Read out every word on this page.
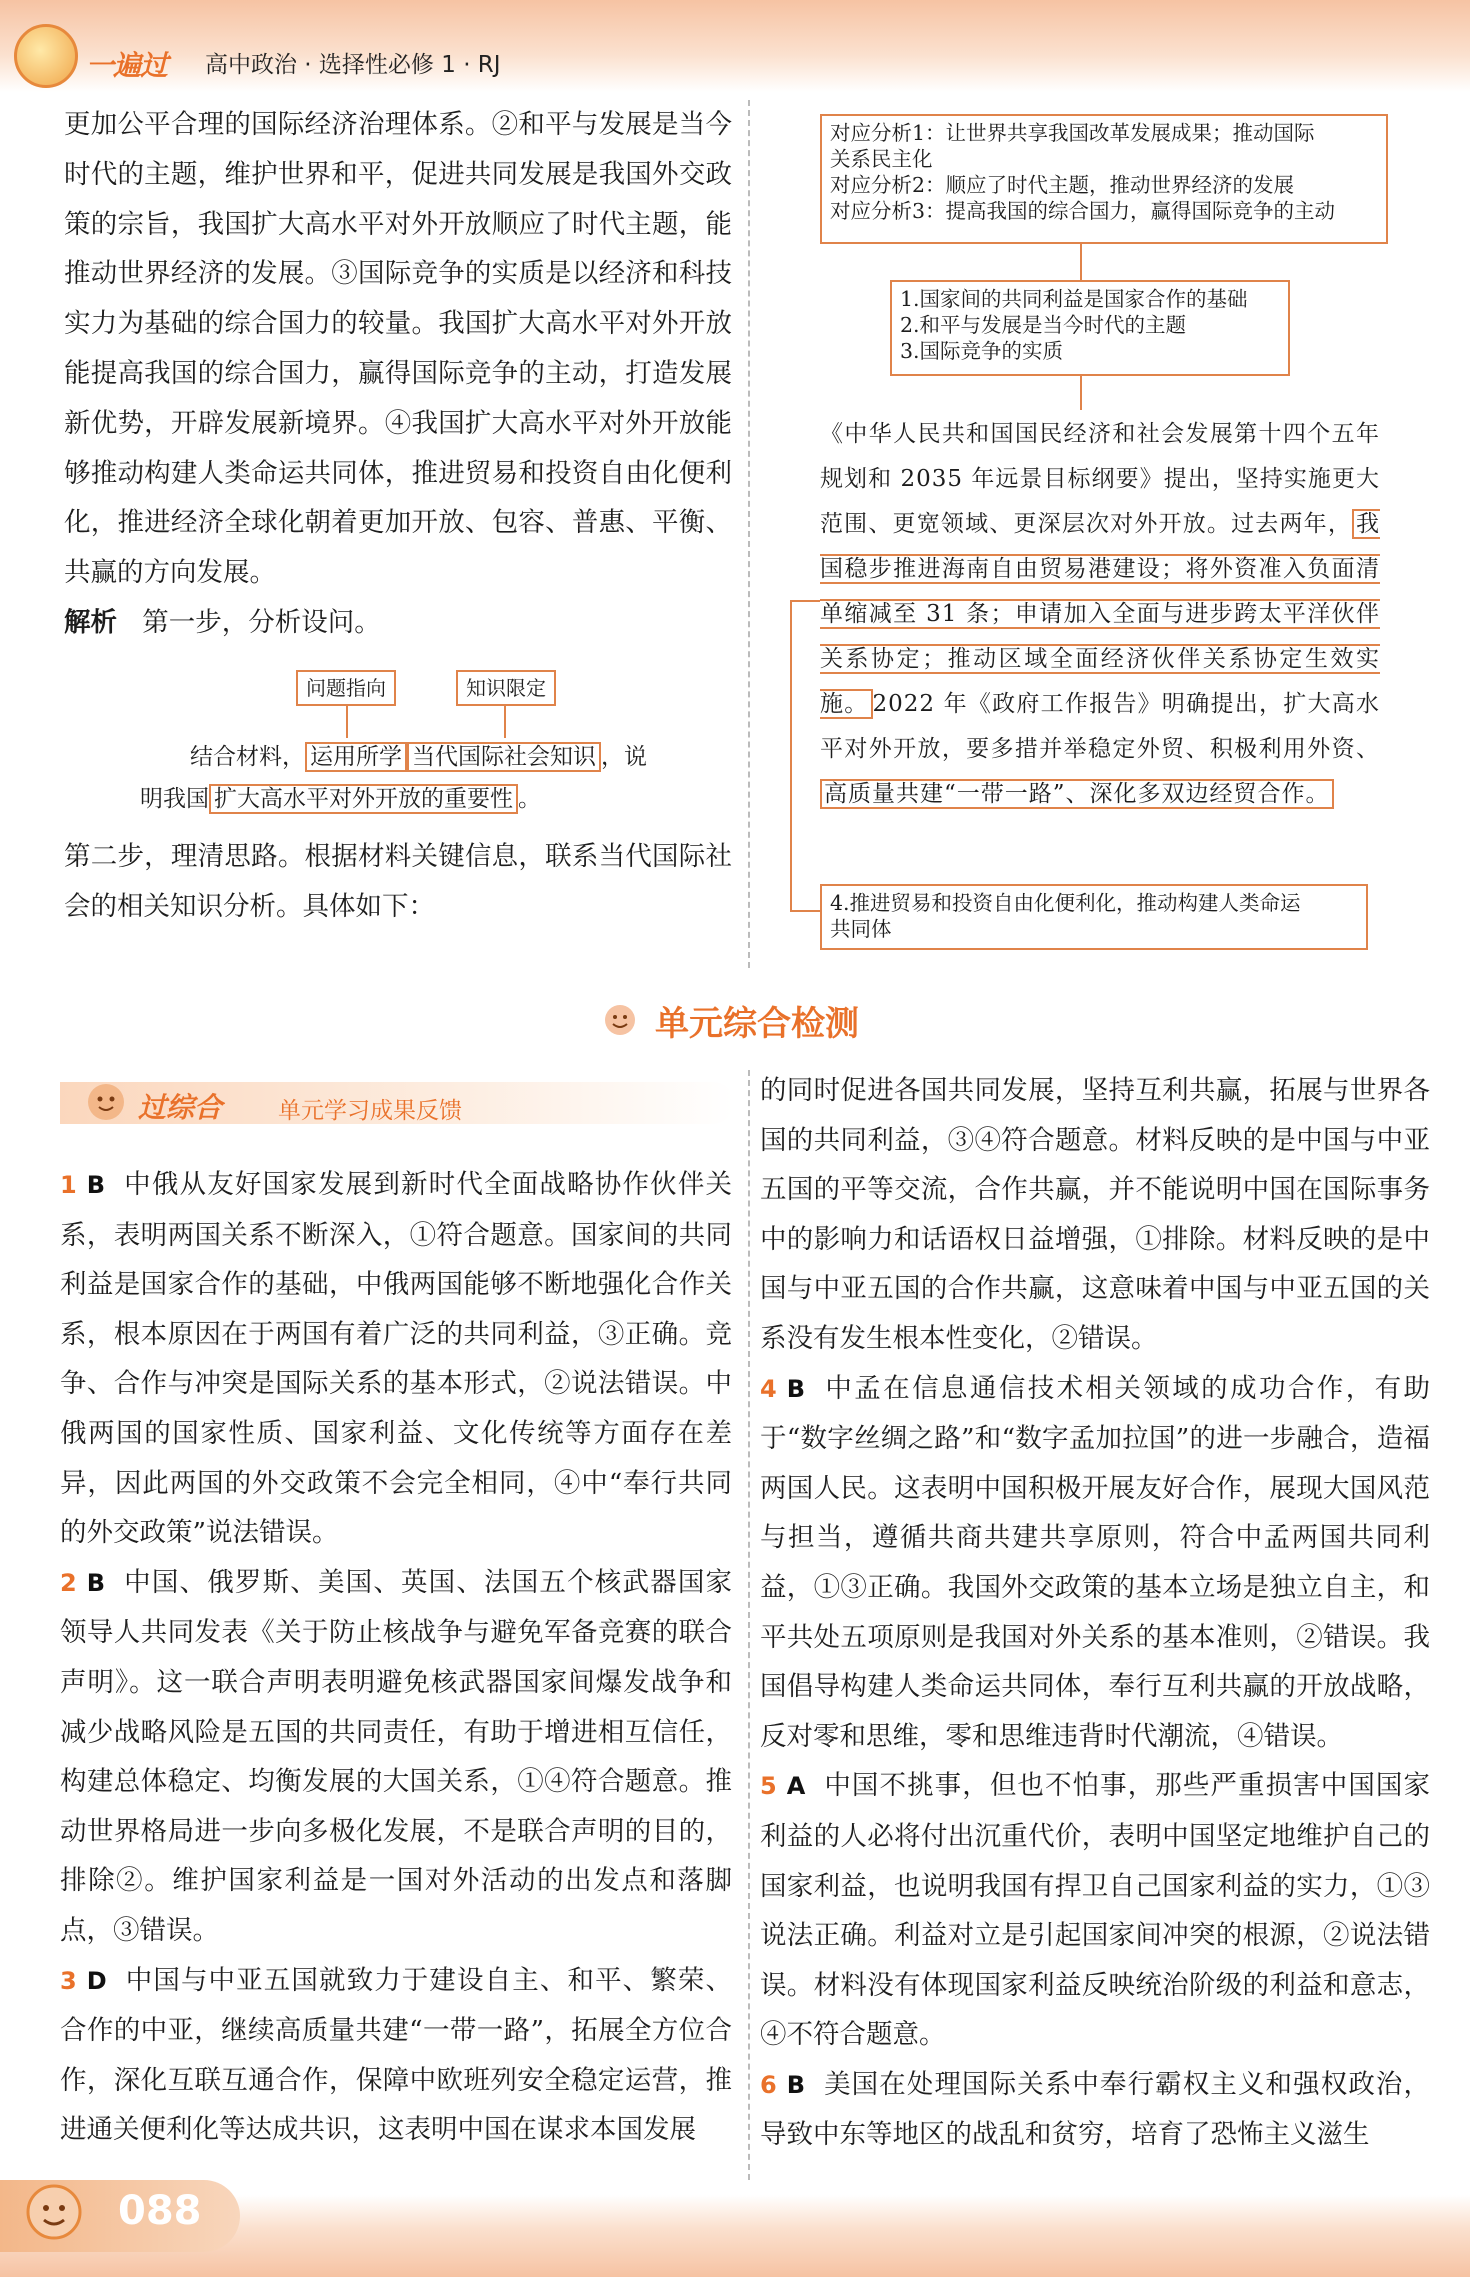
一遍过 高中政治 · 选择性必修 1 · RJ

更加公平合理的国际经济治理体系。②和平与发展是当今时代的主题，维护世界和平，促进共同发展是我国外交政策的宗旨，我国扩大高水平对外开放顺应了时代主题，能推动世界经济的发展。③国际竞争的实质是以经济和科技实力为基础的综合国力的较量。我国扩大高水平对外开放能提高我国的综合国力，赢得国际竞争的主动，打造发展新优势，开辟发展新境界。④我国扩大高水平对外开放能够推动构建人类命运共同体，推进贸易和投资自由化便利化，推进经济全球化朝着更加开放、包容、普惠、平衡、共赢的方向发展。

解析 第一步，分析设问。

问题指向	知识限定
结合材料， 运用所学 当代国际社会知识 ，说
明我国 扩大高水平对外开放的重要性 。

第二步，理清思路。根据材料关键信息，联系当代国际社会的相关知识分析。具体如下：

对应分析1：让世界共享我国改革发展成果；推动国际
关系民主化
对应分析2：顺应了时代主题，推动世界经济的发展
对应分析3：提高我国的综合国力，赢得国际竞争的主动
1.国家间的共同利益是国家合作的基础
2.和平与发展是当今时代的主题
3.国际竞争的实质

《中华人民共和国国民经济和社会发展第十四个五年规划和 2035 年远景目标纲要》提出，坚持实施更大范围、更宽领域、更深层次对外开放。过去两年， 我国稳步推进海南自由贸易港建设；将外资准入负面清单缩减至 31 条；申请加入全面与进步跨太平洋伙伴关系协定；推动区域全面经济伙伴关系协定生效实施。 2022 年《政府工作报告》明确提出，扩大高水平对外开放，要多措并举稳定外贸、积极利用外资、高质量共建“一带一路”、深化多双边经贸合作。

4.推进贸易和投资自由化便利化，推动构建人类命运
共同体
单元综合检测
过综合 单元学习成果反馈

1 B 中俄从友好国家发展到新时代全面战略协作伙伴关系，表明两国关系不断深入，①符合题意。国家间的共同利益是国家合作的基础，中俄两国能够不断地强化合作关系，根本原因在于两国有着广泛的共同利益，③正确。竞争、合作与冲突是国际关系的基本形式，②说法错误。中俄两国的国家性质、国家利益、文化传统等方面存在差异，因此两国的外交政策不会完全相同，④中“奉行共同的外交政策”说法错误。

2 B 中国、俄罗斯、美国、英国、法国五个核武器国家领导人共同发表《关于防止核战争与避免军备竞赛的联合声明》。这一联合声明表明避免核武器国家间爆发战争和减少战略风险是五国的共同责任，有助于增进相互信任，构建总体稳定、均衡发展的大国关系，①④符合题意。推动世界格局进一步向多极化发展，不是联合声明的目的，排除②。维护国家利益是一国对外活动的出发点和落脚点，③错误。

3 D 中国与中亚五国就致力于建设自主、和平、繁荣、合作的中亚，继续高质量共建“一带一路”，拓展全方位合作，深化互联互通合作，保障中欧班列安全稳定运营，推进通关便利化等达成共识，这表明中国在谋求本国发展

的同时促进各国共同发展，坚持互利共赢，拓展与世界各国的共同利益，③④符合题意。材料反映的是中国与中亚五国的平等交流，合作共赢，并不能说明中国在国际事务中的影响力和话语权日益增强，①排除。材料反映的是中国与中亚五国的合作共赢，这意味着中国与中亚五国的关系没有发生根本性变化，②错误。

4 B 中孟在信息通信技术相关领域的成功合作，有助于“数字丝绸之路”和“数字孟加拉国”的进一步融合，造福两国人民。这表明中国积极开展友好合作，展现大国风范与担当，遵循共商共建共享原则，符合中孟两国共同利益，①③正确。我国外交政策的基本立场是独立自主，和平共处五项原则是我国对外关系的基本准则，②错误。我国倡导构建人类命运共同体，奉行互利共赢的开放战略，反对零和思维，零和思维违背时代潮流，④错误。

5 A 中国不挑事，但也不怕事，那些严重损害中国国家利益的人必将付出沉重代价，表明中国坚定地维护自己的国家利益，也说明我国有捍卫自己国家利益的实力，①③说法正确。利益对立是引起国家间冲突的根源，②说法错误。材料没有体现国家利益反映统治阶级的利益和意志，④不符合题意。

6 B 美国在处理国际关系中奉行霸权主义和强权政治，导致中东等地区的战乱和贫穷，培育了恐怖主义滋生

088
